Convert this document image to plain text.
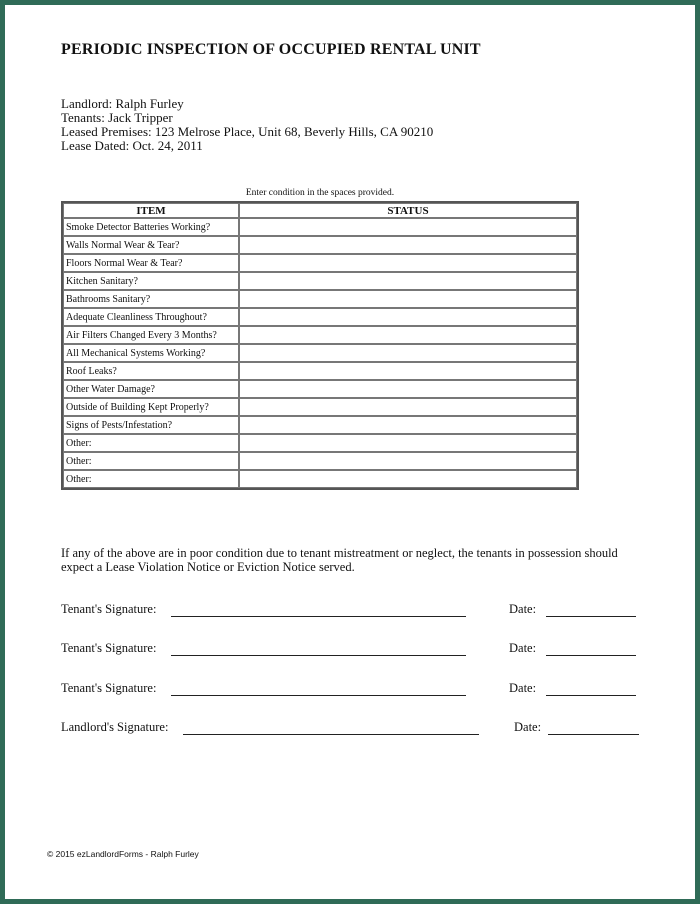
PERIODIC INSPECTION OF OCCUPIED RENTAL UNIT
Landlord: Ralph Furley
Tenants: Jack Tripper
Leased Premises: 123 Melrose Place, Unit 68, Beverly Hills, CA 90210
Lease Dated: Oct. 24, 2011
Enter condition in the spaces provided.
ITEM	STATUS
Smoke Detector Batteries Working?	
Walls Normal Wear & Tear?	
Floors Normal Wear & Tear?	
Kitchen Sanitary?	
Bathrooms Sanitary?	
Adequate Cleanliness Throughout?	
Air Filters Changed Every 3 Months?	
All Mechanical Systems Working?	
Roof Leaks?	
Other Water Damage?	
Outside of Building Kept Properly?	
Signs of Pests/Infestation?	
Other:	
Other:	
Other:	
If any of the above are in poor condition due to tenant mistreatment or neglect, the tenants in possession should expect a Lease Violation Notice or Eviction Notice served.
Tenant's Signature:	Date:
Tenant's Signature:	Date:
Tenant's Signature:	Date:
Landlord's Signature:	Date:
© 2015 ezLandlordForms - Ralph Furley
